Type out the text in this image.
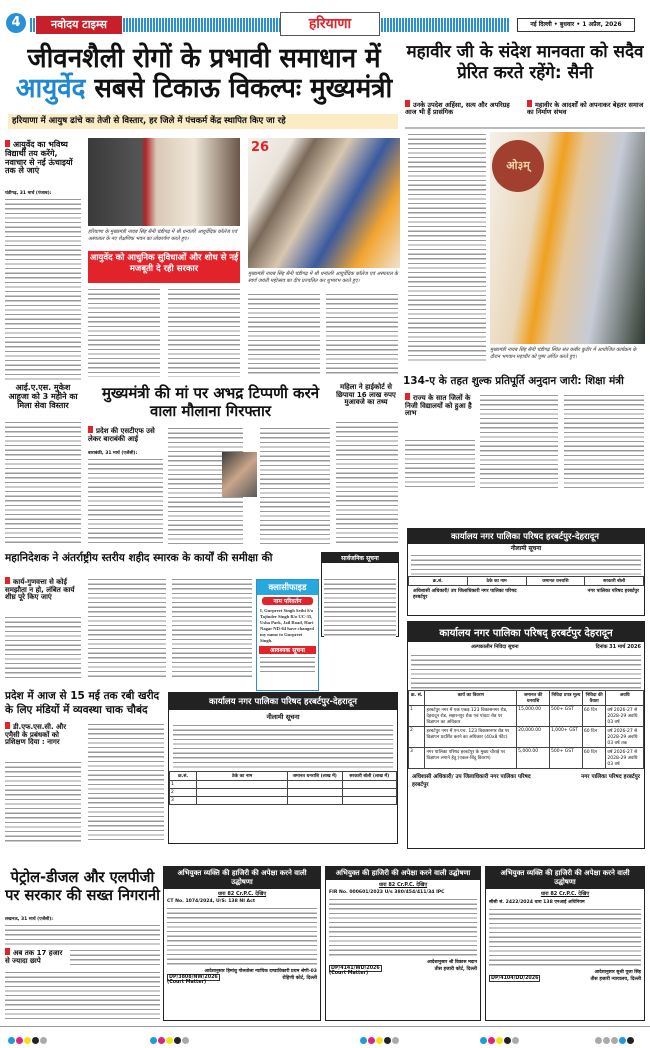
4	नवोदय टाइम्स	हरियाणा	नई दिल्ली • बुधवार • 1 अप्रैल, 2026
जीवनशैली रोगों के प्रभावी समाधान में
आयुर्वेद सबसे टिकाऊ विकल्पः मुख्यमंत्री
हरियाणा में आयुष ढांचे का तेजी से विस्तार, हर जिले में पंचकर्म केंद्र स्थापित किए जा रहे
आयुर्वेद का भविष्य विद्यार्थी तय करेंगे, नवाचार से नई ऊंचाइयों तक ले जाएं
चंडीगढ़, 31 मार्च (पंजाब):
हरियाणा के मुख्यमंत्री नायब सिंह सैनी चंडीगढ़ में श्री धन्वंतरि आयुर्वेदिक कॉलेज एवं अस्पताल के नए शैक्षणिक भवन का लोकार्पण करते हुए।
आयुर्वेद को आधुनिक सुविधाओं और शोध से नई मजबूती दे रही सरकार
26
मुख्यमंत्री नायब सिंह सैनी चंडीगढ़ में श्री धन्वंतरि आयुर्वेदिक कॉलेज एवं अस्पताल के स्वर्ण जयंती महोत्सव का दीप प्रज्वलित कर शुभारंभ करते हुए।
महावीर जी के संदेश मानवता को सदैव प्रेरित करते रहेंगे: सैनी
उनके उपदेश अहिंसा, सत्य और अपरिग्रह आज भी हैं प्रासंगिक
महावीर के आदर्शों को अपनाकर बेहतर समाज का निर्माण संभव
ओ३म्
मुख्यमंत्री नायब सिंह सैनी चंडीगढ़ स्थित संत कबीर कुटीर में आयोजित कार्यक्रम के दौरान भगवान महावीर को पुष्प अर्पित करते हुए।
134-ए के तहत शुल्क प्रतिपूर्ति अनुदान जारी: शिक्षा मंत्री
राज्य के सात जिलों के निजी विद्यालयों को हुआ है लाभ
आई.ए.एस. मुकेश आहूजा को 3 महीने का मिला सेवा विस्तार
मुख्यमंत्री की मां पर अभद्र टिप्पणी करने वाला मौलाना गिरफ्तार
प्रदेश की एसटीएफ उसे लेकर बाराबंकी आई
बाराबंकी, 31 मार्च (एजेंसी):
महिला ने हाईकोर्ट से छिपाया 16 लाख रुपए मुआवजे का तथ्य
सार्वजनिक सूचना
कार्यालय नगर पालिका परिषद हरबर्टपुर-देहरादून
नीलामी सूचना
क्र.सं.	ठेके का नाम	जमानत धनराशि	सरकारी बोली
अधिशासी अधिकारी/ उप जिलाधिकारी नगर पालिका परिषद हरबर्टपुर
नगर पालिका परिषद हरबर्टपुर
महानिदेशक ने अंतर्राष्ट्रीय स्तरीय शहीद स्मारक के कार्यों की समीक्षा की
कार्य-गुणवत्ता से कोई समझौता न हो, लंबित कार्य शीघ्र पूरे किए जाएं
क्लासीफाइड
नाम परिवर्तन
I, Gurpreet Singh Sethi S/o Tajinder Singh R/o UC-35, Usha Park, Jail Road, Hari Nagar ND-64 have changed my name to Gurpreet Singh.
आवश्यक सूचना
प्रदेश में आज से 15 मई तक रबी खरीद के लिए मंडियों में व्यवस्था चाक चौबंद
डी.एफ.एस.सी. और एमैसी के प्रबंधकों को प्रशिक्षण दिया : नागर
कार्यालय नगर पालिका परिषद हरबर्टपुर-देहरादून
नीलामी सूचना
क्र.सं.	ठेके का नाम	जमानत धनराशि (लाख में)	सरकारी बोली (लाख में)
1			
2			
3			
कार्यालय नगर पालिका परिषद् हरबर्टपुर देहरादून
अल्पकालीन निविदा सूचना	दिनांक 31 मार्च 2026
क्र. सं.	कार्य का विवरण	जमानत की धनराशि	निविदा प्रपत्र मूल्य	निविदा की वैधता	अवधि
1	हरबर्टपुर नगर में एक एकड़ 123 विकासनगर रोड, देहरादून रोड, सहारनपुर रोक एवं पांवटा रोड पर विज्ञापन का अधिकार	15,000.00	500+ GST	60 दिन	वर्ष 2026-27 से 2028-29 अवधि 03 वर्ष
2	हरबर्टपुर नगर में एन.एच. 123 विकासनगर रोड पर विज्ञापन प्रदर्शित करने का अधिकार (40x8 फीट)	20,000.00	1,000+ GST	60 दिन	वर्ष 2026-27 से 2028-29 अवधि 03 वर्ष तक
3	नगर पालिका परिषद हरबर्टपुर के मुख्य चौराहे पर विज्ञापन लगाने हेतु (एकल-बिंदु विवरण)	5,000.00	500+ GST	60 दिन	वर्ष 2026-27 से 2028-29 अवधि 03 वर्ष
अधिशासी अधिकारी/ उप जिलाधिकारी नगर पालिका परिषद हरबर्टपुर
नगर पालिका परिषद हरबर्टपुर
पेट्रोल-डीजल और एलपीजी पर सरकार की सख्त निगरानी
लखनऊ, 31 मार्च (एजेंसी):
अब तक 17 हजार से ज्यादा छापे
अभियुक्त व्यक्ति की हाजिरी की अपेक्षा करने वाली उद्घोषणा
धारा 82 Cr.P.C. देखिए
CT No. 1074/2024, U/S: 138 NI Act
आदेशानुसार हिमांशु गोलतोला न्यायिक दण्डाधिकारी प्रथम श्रेणी-03
DP/3808/NW/2026
(Court Matter)
रोहिणी कोर्ट, दिल्ली
अभियुक्त की हाजिरी की अपेक्षा करने वाली उद्घोषणा
धारा 82 Cr.P.C. देखिए
FIR No. 000601/2023 U/s 380/454/411/34 IPC
आदेशानुसार श्री विकास मदान
DP/4141/WD/2026
(Court Matter)
तीस हजारी कोर्ट, दिल्ली
अभियुक्त व्यक्ति की हाजिरी की अपेक्षा करने वाली उद्घोषणा
धारा 82 Cr.P.C. देखिए
सीसी सं. 2422/2024 धारा 138 एनआई अधिनियम
आदेशानुसार सुश्री पूजा सिंह
DP/4104/DD/2026	तीस हजारी न्यायालय, दिल्ली
